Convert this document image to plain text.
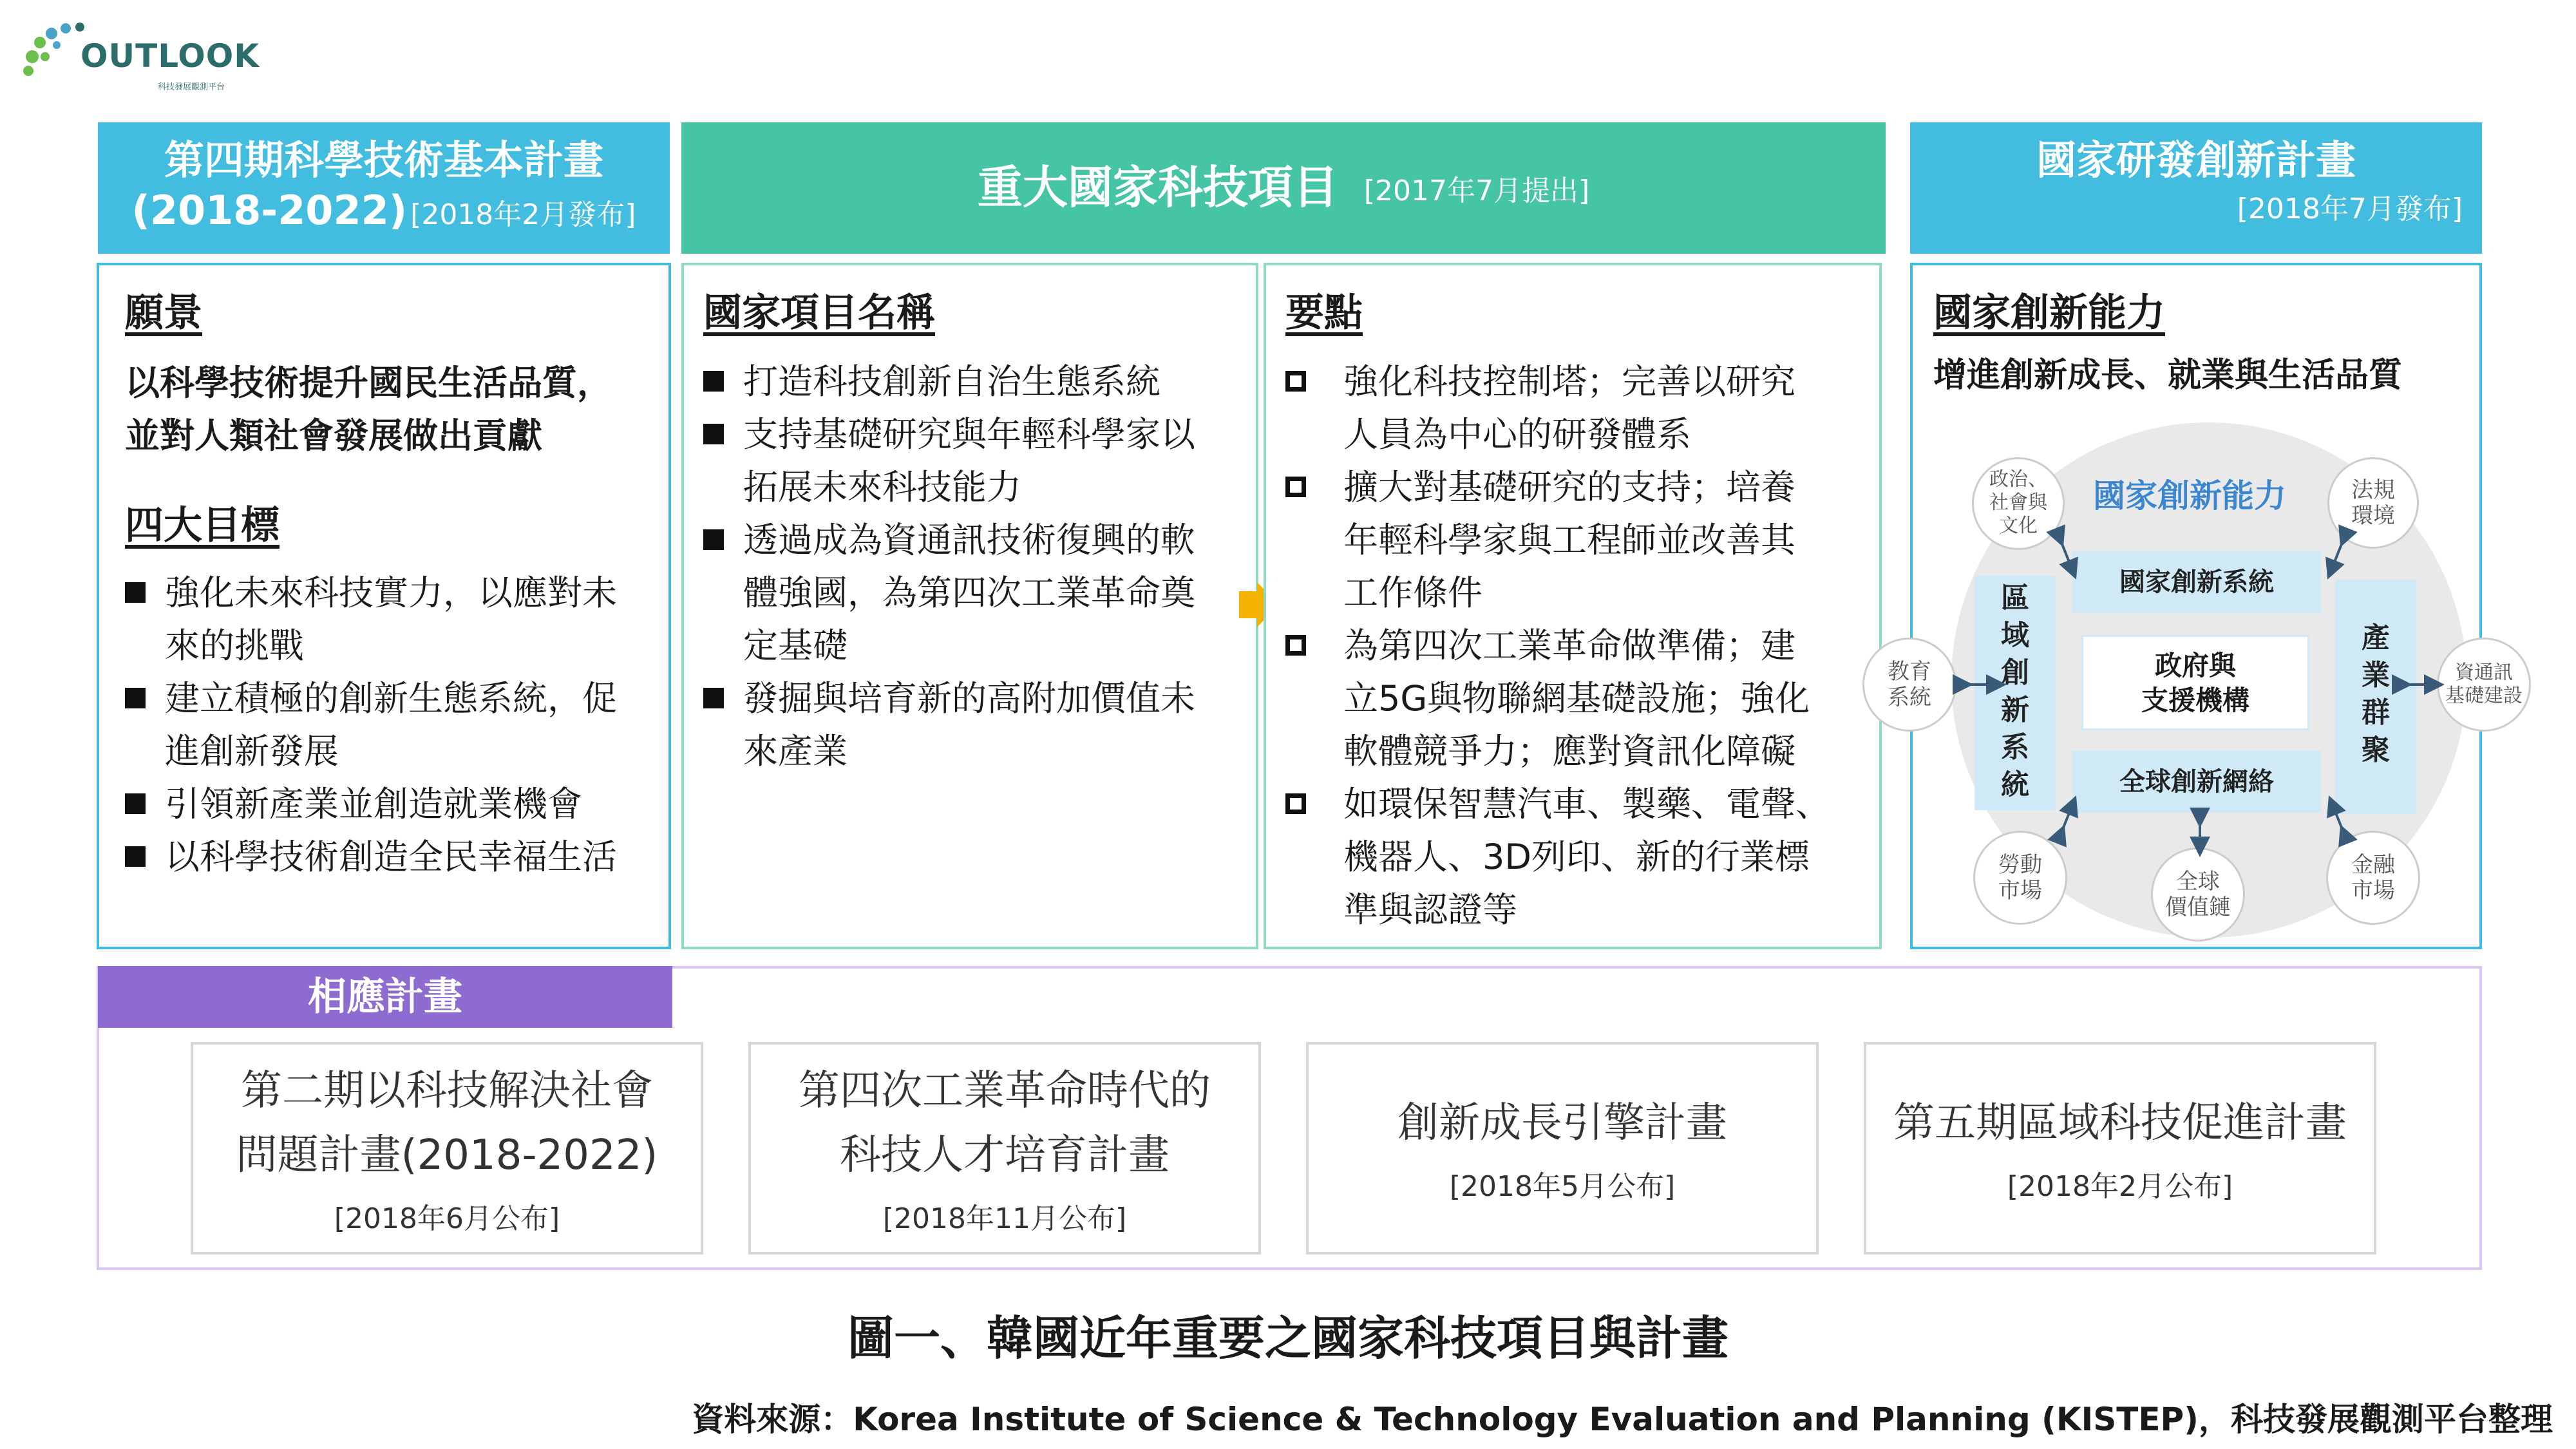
OUTLOOK
科技發展觀測平台
第四期科學技術基本計畫
(2018-2022) [2018年2月發布]
重大國家科技項目 [2017年7月提出]
國家研發創新計畫
[2018年7月發布]
願景
以科學技術提升國民生活品質，
並對人類社會發展做出貢獻
四大目標
強化未來科技實力，以應對未
來的挑戰
建立積極的創新生態系統，促
進創新發展
引領新產業並創造就業機會
以科學技術創造全民幸福生活
國家項目名稱
打造科技創新自治生態系統
支持基礎研究與年輕科學家以
拓展未來科技能力
透過成為資通訊技術復興的軟
體強國，為第四次工業革命奠
定基礎
發掘與培育新的高附加價值未
來產業
要點
強化科技控制塔；完善以研究
人員為中心的研發體系
擴大對基礎研究的支持；培養
年輕科學家與工程師並改善其
工作條件
為第四次工業革命做準備；建
立5G與物聯網基礎設施；強化
軟體競爭力；應對資訊化障礙
如環保智慧汽車、製藥、電聲、
機器人、3D列印、新的行業標
準與認證等
國家創新能力
增進創新成長、就業與生活品質
國家創新能力
國家創新系統
政府與
支援機構
全球創新網絡
區
域
創
新
系
統
產
業
群
聚
政治、
社會與
文化
法規
環境
教育
系統
資通訊
基礎建設
勞動
市場	全球
價值鏈
金融
市場
相應計畫
第二期以科技解決社會
問題計畫(2018-2022)
[2018年6月公布]
第四次工業革命時代的
科技人才培育計畫
[2018年11月公布]
創新成長引擎計畫
[2018年5月公布]
第五期區域科技促進計畫
[2018年2月公布]
圖一、韓國近年重要之國家科技項目與計畫
資料來源：Korea Institute of Science & Technology Evaluation and Planning (KISTEP)，科技發展觀測平台整理
